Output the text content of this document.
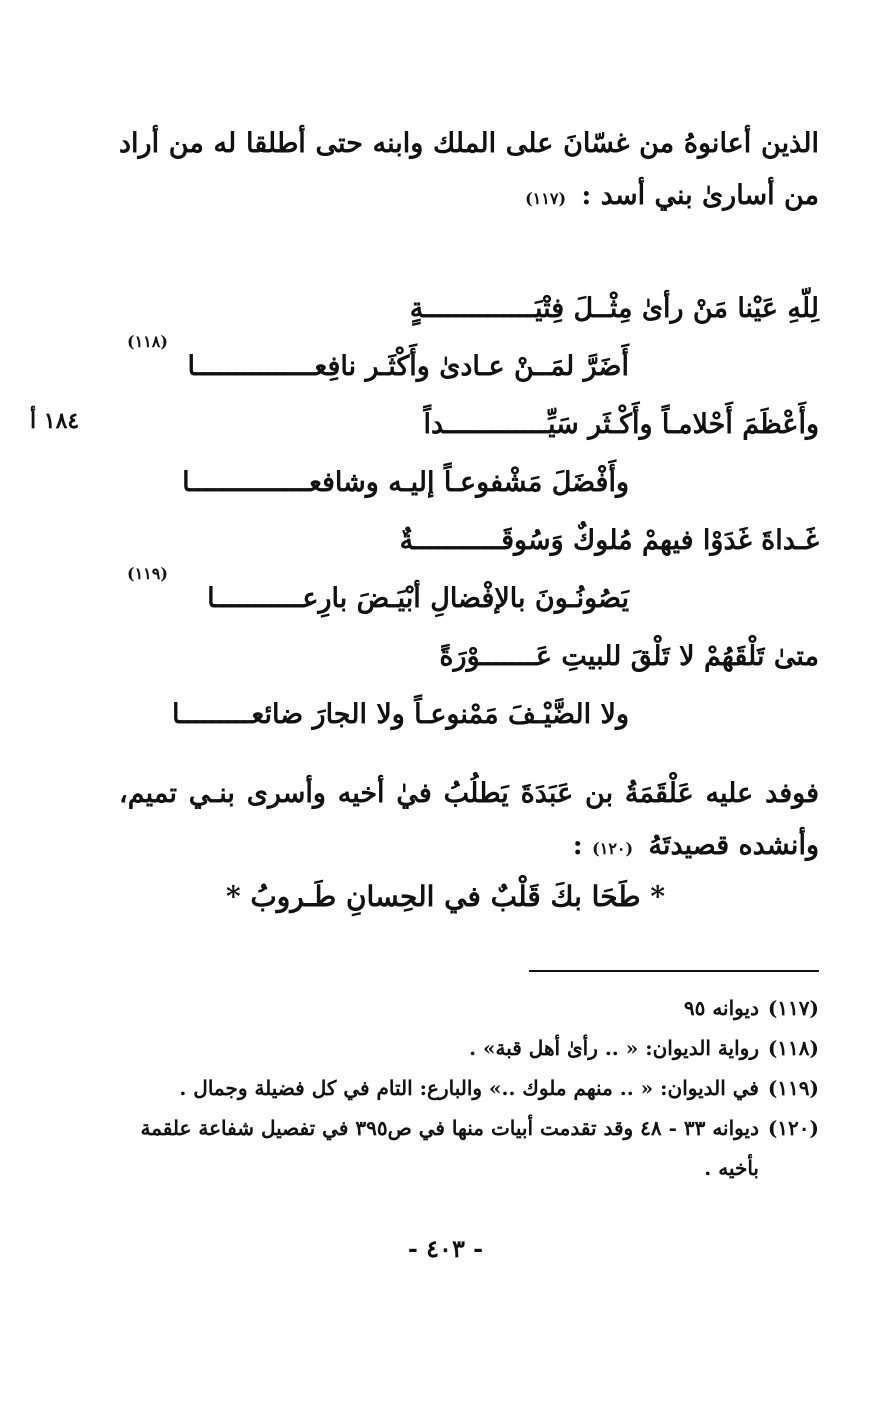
١٨٤ أ
الذين أعانوهُ من غسّانَ على الملك وابنه حتى أطلقا له من أراد من أسارىٰ بني أسد : (١١٧)
لِلّهِ عَيْنا مَنْ رأىٰ مِثْــلَ فِتْيَــــــــــــــةٍ
أَضَرَّ لمَــنْ عـادىٰ وأَكْثَـر نافِعـــــــــــــــا
(١١٨)
وأَعْظَمَ أَحْلامـاً وأَكْـثَر سَيِّـــــــــــــداً
وأَفْضَلَ مَشْفوعـاً إليـه وشافعـــــــــــــــا
غَـداةَ غَدَوْا فيهمْ مُلوكٌ وَسُوقَـــــــــــةٌ
يَصُونُـونَ بالإفْضالِ أبْيَـضَ بارِعـــــــــــا
(١١٩)
متىٰ تَلْقَهُمْ لا تَلْقَ للبيتِ عَـــــــوْرَةً
ولا الضَّيْـفَ مَمْنوعـاً ولا الجارَ ضائعـــــــــا
فوفد عليه عَلْقَمَةُ بن عَبَدَةَ يَطلُبُ فيٰ أخيه وأسرى بنـي تميم، وأنشده قصيدتَهُ (١٢٠) :
* طَحَا بكَ قَلْبٌ في الحِسانِ طَـروبُ *
(١١٧)
ديوانه ٩٥
(١١٨)
رواية الديوان: « .. رأىٰ أهل قبة» .
(١١٩)
في الديوان: « .. منهم ملوك ..» والبارع: التام في كل فضيلة وجمال .
(١٢٠)
ديوانه ٣٣ - ٤٨ وقد تقدمت أبيات منها في ص٣٩٥ في تفصيل شفاعة علقمة بأخيه .
- ٤٠٣ -
